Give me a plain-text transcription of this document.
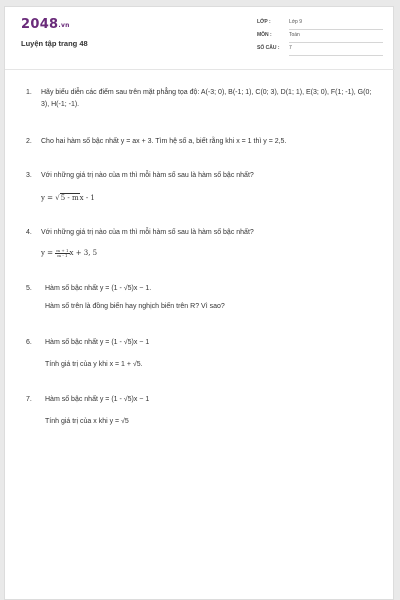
2048.vn
Luyện tập trang 48
LỚP :	Lớp 9
MÔN :	Toán
SỐ CÂU : 7
1. Hãy biểu diễn các điểm sau trên mặt phẳng tọa độ: A(-3; 0), B(-1; 1), C(0; 3), D(1; 1), E(3; 0), F(1; -1), G(0; 3), H(-1; -1).
2. Cho hai hàm số bậc nhất y = ax + 3. Tìm hệ số a, biết rằng khi x = 1 thì y = 2,5.
3. Với những giá trị nào của m thì mỗi hàm số sau là hàm số bậc nhất?
y = √5 - mx - 1
4. Với những giá trị nào của m thì mỗi hàm số sau là hàm số bậc nhất?
$y = \frac{m + 1}{m - 1}$ x + 3, 5
5. Hàm số bậc nhất y = (1 - √5)x − 1.
Hàm số trên là đồng biến hay nghịch biến trên R? Vì sao?
6. Hàm số bậc nhất y = (1 - √5)x − 1
Tính giá trị của y khi x = 1 + √5.
7. Hàm số bậc nhất y = (1 - √5)x − 1
Tính giá trị của x khi y = √5
